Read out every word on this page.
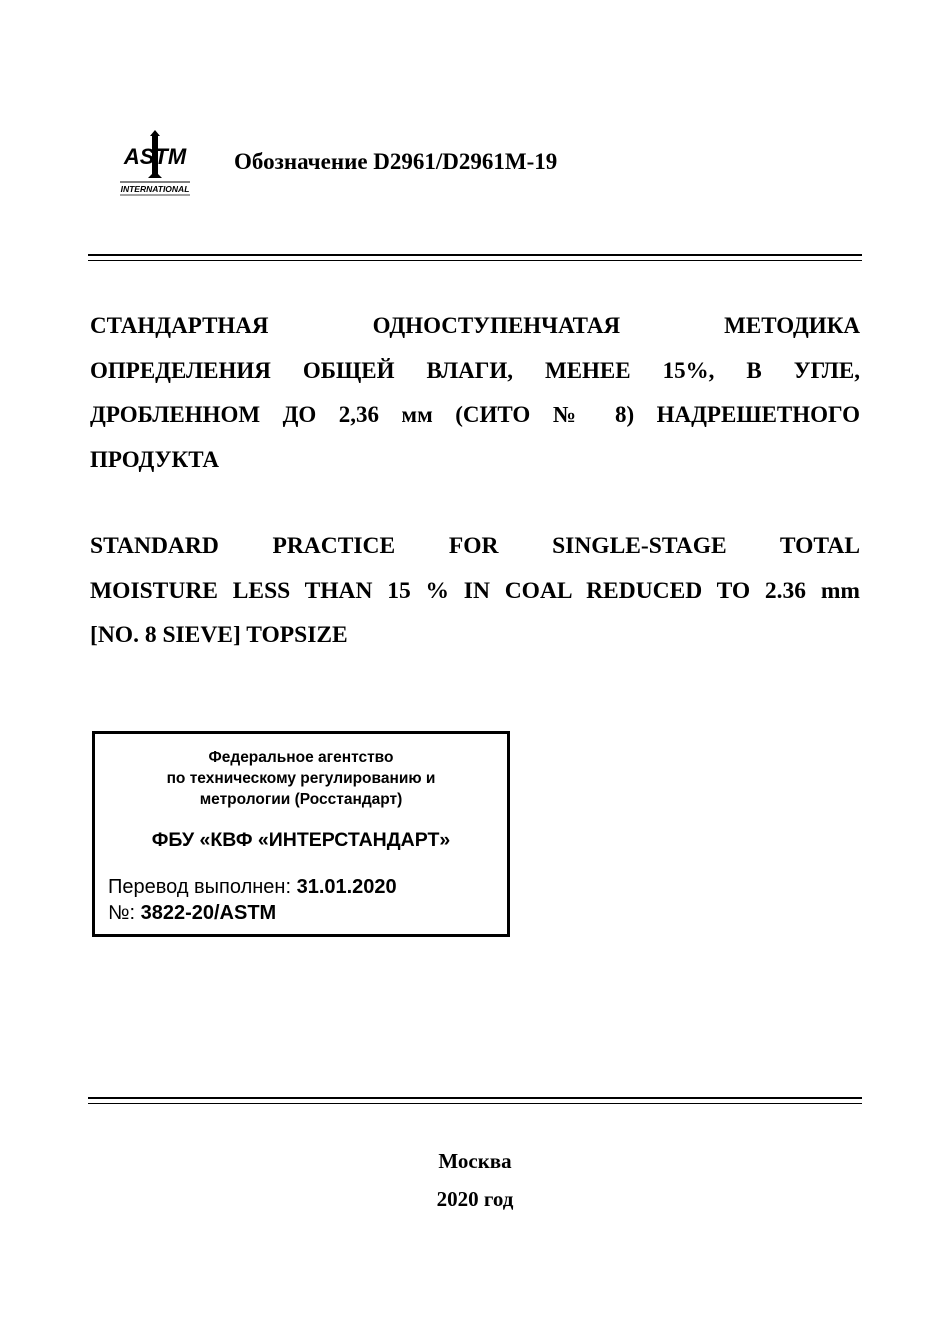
ASTM
INTERNATIONAL
Обозначение D2961/D2961M-19
СТАНДАРТНАЯ ОДНОСТУПЕНЧАТАЯ МЕТОДИКА
ОПРЕДЕЛЕНИЯ ОБЩЕЙ ВЛАГИ, МЕНЕЕ 15%, В УГЛЕ,
ДРОБЛЕННОМ ДО 2,36 мм (СИТО № 8) НАДРЕШЕТНОГО
ПРОДУКТА
STANDARD PRACTICE FOR SINGLE-STAGE TOTAL
MOISTURE LESS THAN 15 % IN COAL REDUCED TO 2.36 mm
[NO. 8 SIEVE] TOPSIZE
Федеральное агентство
по техническому регулированию и
метрологии (Росстандарт)
ФБУ «КВФ «ИНТЕРСТАНДАРТ»
Перевод выполнен: 31.01.2020
№: 3822-20/ASTM
Москва
2020 год
